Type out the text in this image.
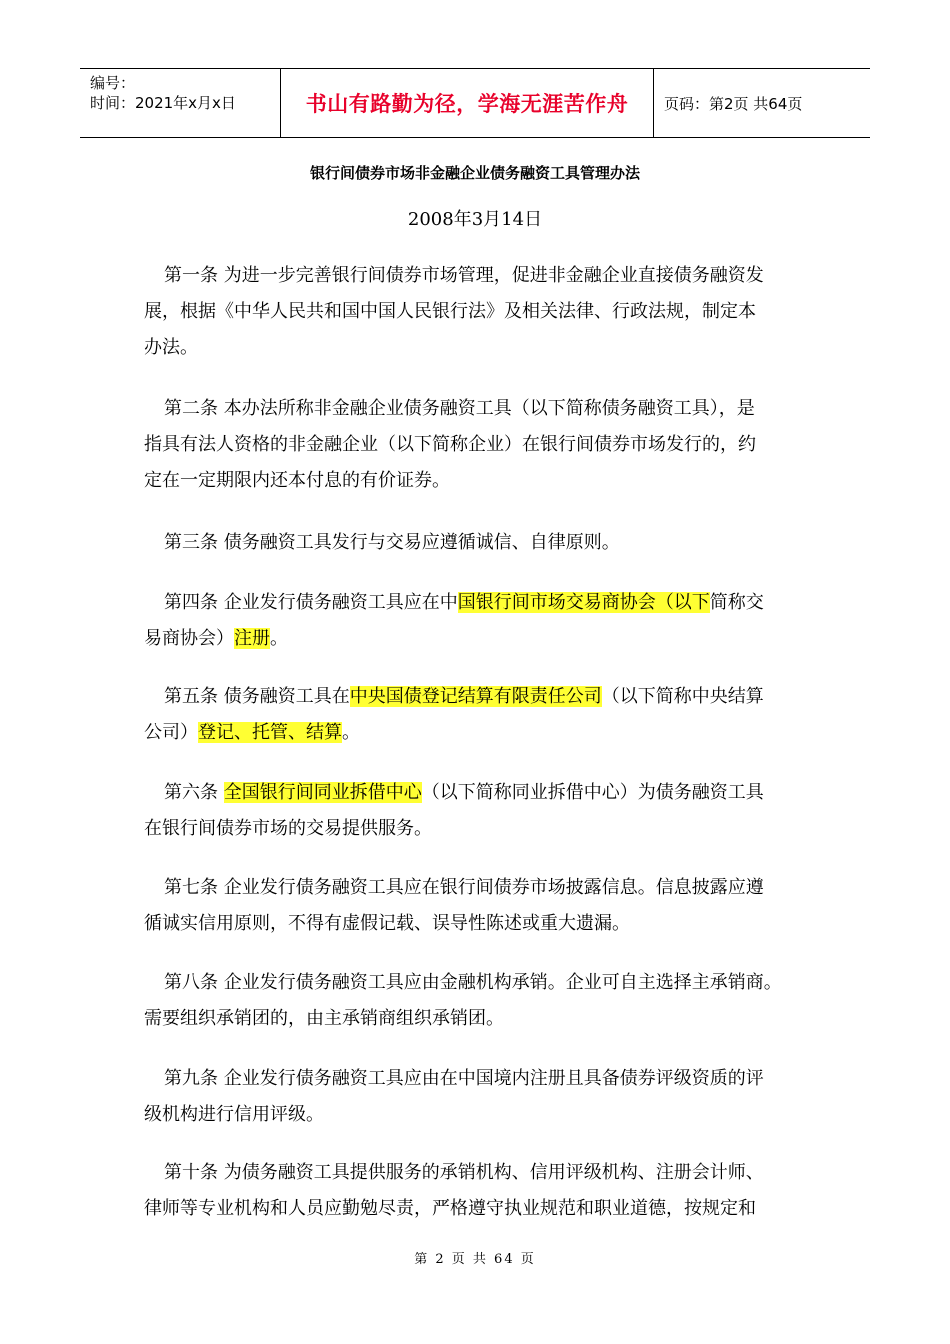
编号：
时间：2021年x月x日	书山有路勤为径，学海无涯苦作舟 页码：第2页 共64页
银行间债券市场非金融企业债务融资工具管理办法
2008年3月14日

第一条 为进一步完善银行间债券市场管理，促进非金融企业直接债务融资发
展，根据《中华人民共和国中国人民银行法》及相关法律、行政法规，制定本
办法。

第二条 本办法所称非金融企业债务融资工具（以下简称债务融资工具），是
指具有法人资格的非金融企业（以下简称企业）在银行间债券市场发行的，约
定在一定期限内还本付息的有价证券。

第三条 债务融资工具发行与交易应遵循诚信、自律原则。

第四条 企业发行债务融资工具应在中国银行间市场交易商协会（以下简称交
易商协会）注册。

第五条 债务融资工具在中央国债登记结算有限责任公司（以下简称中央结算
公司）登记、托管、结算。

第六条 全国银行间同业拆借中心（以下简称同业拆借中心）为债务融资工具
在银行间债券市场的交易提供服务。

第七条 企业发行债务融资工具应在银行间债券市场披露信息。信息披露应遵
循诚实信用原则，不得有虚假记载、误导性陈述或重大遗漏。

第八条 企业发行债务融资工具应由金融机构承销。企业可自主选择主承销商。
需要组织承销团的，由主承销商组织承销团。

第九条 企业发行债务融资工具应由在中国境内注册且具备债券评级资质的评
级机构进行信用评级。

第十条 为债务融资工具提供服务的承销机构、信用评级机构、注册会计师、
律师等专业机构和人员应勤勉尽责，严格遵守执业规范和职业道德，按规定和

第 2 页 共 64 页
